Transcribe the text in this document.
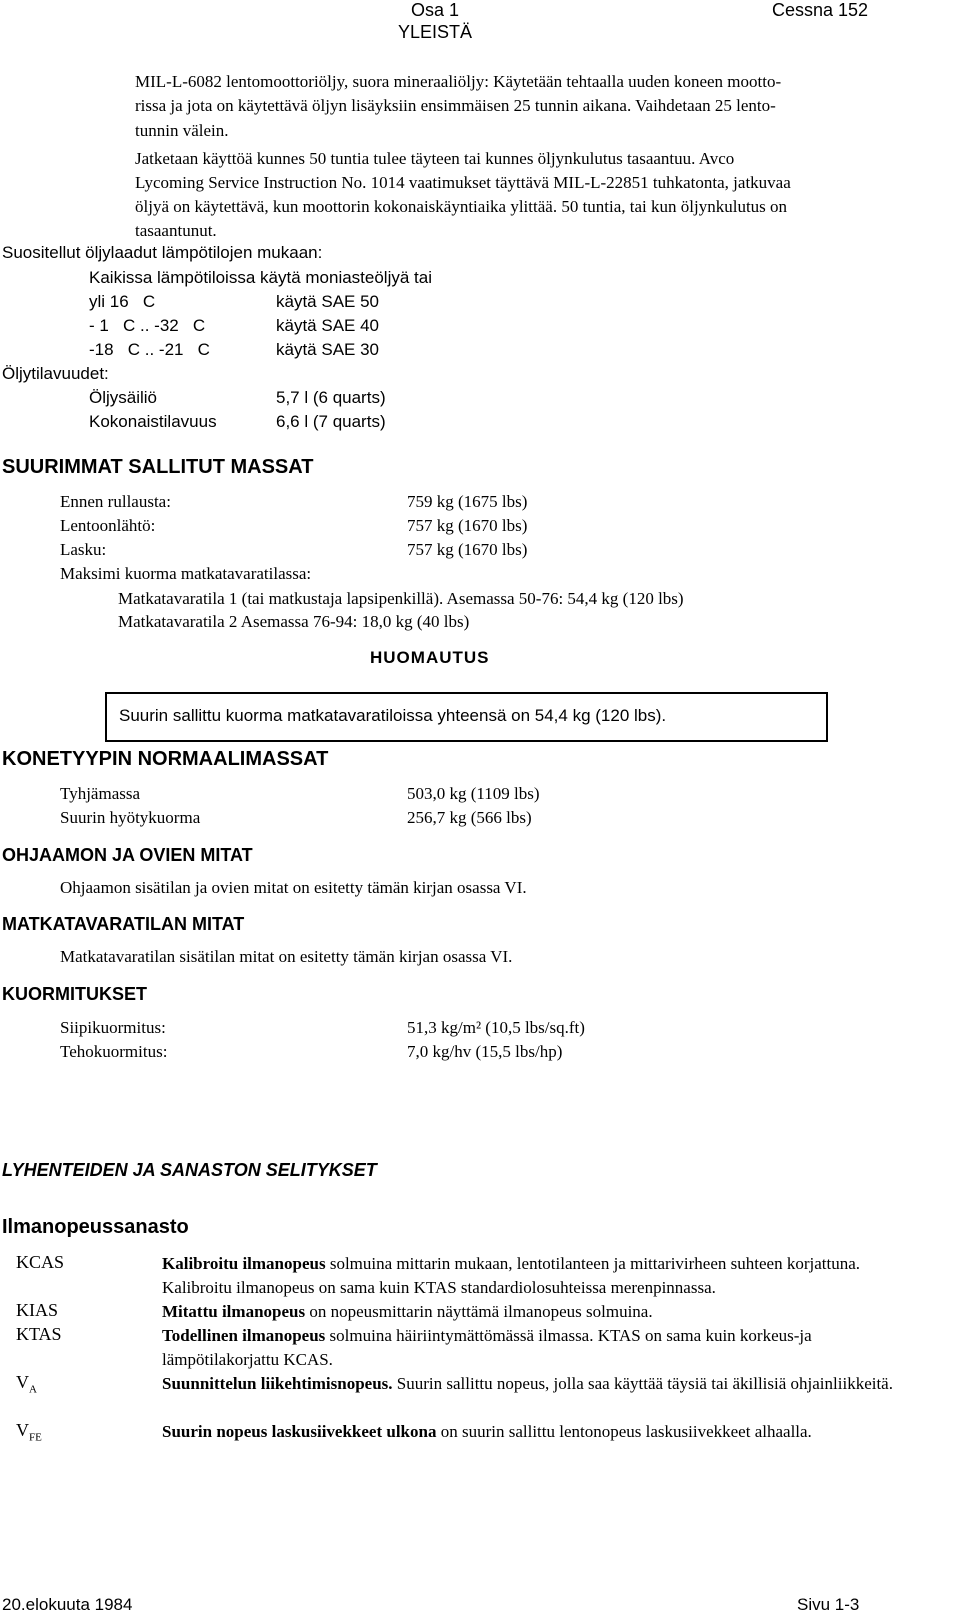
Osa 1
YLEISTÄ
Cessna 152
MIL-L-6082 lentomoottoriöljy, suora mineraaliöljy: Käytetään tehtaalla uuden koneen moottо-
rissa ja jota on käytettävä öljyn lisäyksiin ensimmäisen 25 tunnin aikana. Vaihdetaan 25 lento-
tunnin välein.
Jatketaan käyttöä kunnes 50 tuntia tulee täyteen tai kunnes öljynkulutus tasaantuu. Avco
Lycoming Service Instruction No. 1014 vaatimukset täyttävä MIL-L-22851 tuhkatonta, jatkuvaa
öljyä on käytettävä, kun moottorin kokonaiskäyntiaika ylittää. 50 tuntia, tai kun öljynkulutus on
tasaantunut.
Suositellut öljylaadut lämpötilojen mukaan:
Kaikissa lämpötiloissa käytä moniasteöljyä tai
yli 16   C	käytä SAE 50
- 1   C .. -32   C	käytä SAE 40
-18   C .. -21   C	käytä SAE 30
Öljytilavuudet:
Öljysäiliö	5,7 l (6 quarts)
Kokonaistilavuus	6,6 l (7 quarts)
SUURIMMAT SALLITUT MASSAT
Ennen rullausta:	759 kg (1675 lbs)
Lentoonlähtö:	757 kg (1670 lbs)
Lasku:	757 kg (1670 lbs)
Maksimi kuorma matkatavaratilassa:
Matkatavaratila 1 (tai matkustaja lapsipenkillä). Asemassa 50-76: 54,4 kg (120 lbs)
Matkatavaratila 2 Asemassa 76-94: 18,0 kg (40 lbs)
HUOMAUTUS
Suurin sallittu kuorma matkatavaratiloissa yhteensä on 54,4 kg (120 lbs).
KONETYYPIN NORMAALIMASSAT
Tyhjämassa	503,0 kg (1109 lbs)
Suurin hyötykuorma	256,7 kg (566 lbs)
OHJAAMON JA OVIEN MITAT
Ohjaamon sisätilan ja ovien mitat on esitetty tämän kirjan osassa VI.
MATKATAVARATILAN MITAT
Matkatavaratilan sisätilan mitat on esitetty tämän kirjan osassa VI.
KUORMITUKSET
Siipikuormitus:	51,3 kg/m² (10,5 lbs/sq.ft)
Tehokuormitus:	7,0 kg/hv (15,5 lbs/hp)
LYHENTEIDEN JA SANASTON SELITYKSET
Ilmanopeussanasto
KCAS	Kalibroitu ilmanopeus solmuina mittarin mukaan, lentotilanteen ja mittarivirheen suhteen korjattuna. Kalibroitu ilmanopeus on sama kuin KTAS standardiolosuhteissa merenpinnassa.
KIAS	Mitattu ilmanopeus on nopeusmittarin näyttämä ilmanopeus solmuina.
KTAS	Todellinen ilmanopeus solmuina häiriintymättömässä ilmassa. KTAS on sama kuin korkeus-ja lämpötilakorjattu KCAS.
$V_A$	Suunnittelun liikehtimisnopeus. Suurin sallittu nopeus, jolla saa käyttää täysiä tai äkillisiä ohjainliikkeitä.
$V_{FE}$	Suurin nopeus laskusiivekkeet ulkona on suurin sallittu lentonopeus laskusiivekkeet alhaalla.
20.elokuuta 1984	Sivu 1-3
